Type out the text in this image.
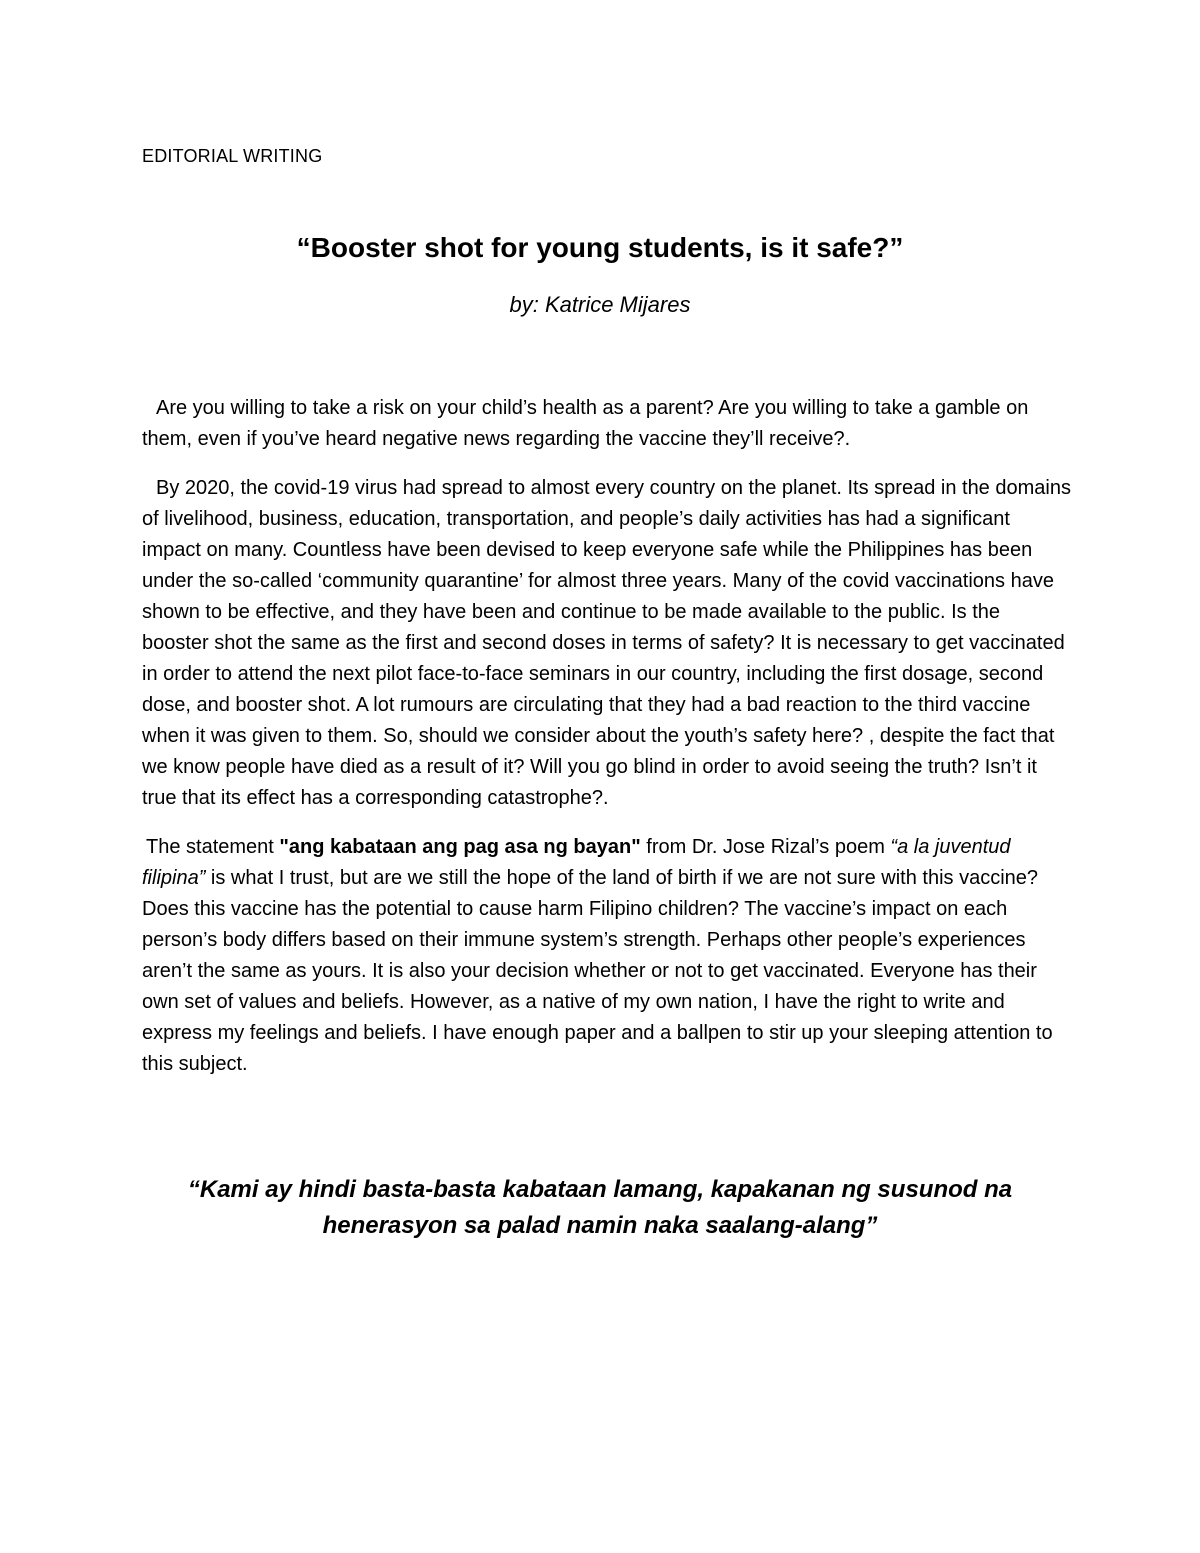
EDITORIAL WRITING
“Booster shot for young students, is it safe?”
by: Katrice Mijares

Are you willing to take a risk on your child’s health as a parent? Are you willing to take a gamble on them, even if you’ve heard negative news regarding the vaccine they’ll receive?.

By 2020, the covid-19 virus had spread to almost every country on the planet. Its spread in the domains of livelihood, business, education, transportation, and people’s daily activities has had a significant impact on many. Countless have been devised to keep everyone safe while the Philippines has been under the so-called ‘community quarantine’ for almost three years. Many of the covid vaccinations have shown to be effective, and they have been and continue to be made available to the public. Is the booster shot the same as the first and second doses in terms of safety? It is necessary to get vaccinated in order to attend the next pilot face-to-face seminars in our country, including the first dosage, second dose, and booster shot. A lot rumours are circulating that they had a bad reaction to the third vaccine when it was given to them. So, should we consider about the youth’s safety here? , despite the fact that we know people have died as a result of it? Will you go blind in order to avoid seeing the truth? Isn’t it true that its effect has a corresponding catastrophe?.

The statement "ang kabataan ang pag asa ng bayan" from Dr. Jose Rizal’s poem “a la juventud filipina” is what I trust, but are we still the hope of the land of birth if we are not sure with this vaccine? Does this vaccine has the potential to cause harm Filipino children? The vaccine’s impact on each person’s body differs based on their immune system’s strength. Perhaps other people’s experiences aren’t the same as yours. It is also your decision whether or not to get vaccinated. Everyone has their own set of values and beliefs. However, as a native of my own nation, I have the right to write and express my feelings and beliefs. I have enough paper and a ballpen to stir up your sleeping attention to this subject.

“Kami ay hindi basta-basta kabataan lamang, kapakanan ng susunod na
henerasyon sa palad namin naka saalang-alang”
